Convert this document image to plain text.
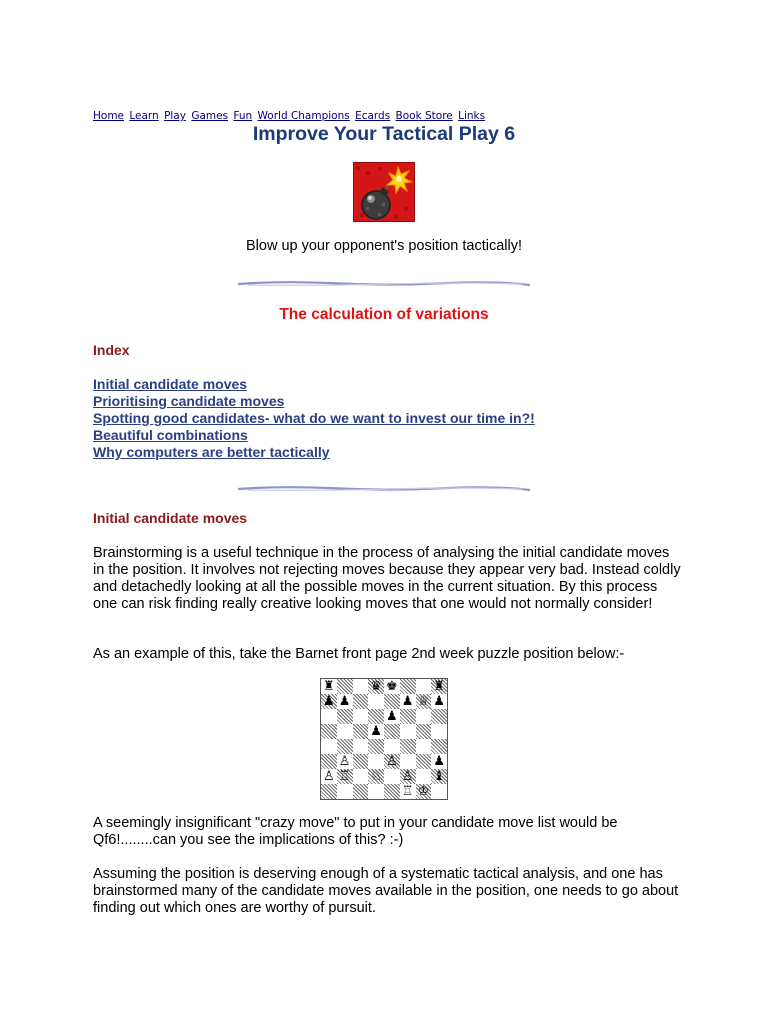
Home Learn Play Games Fun World Champions Ecards Book Store Links
Improve Your Tactical Play 6
Blow up your opponent's position tactically!
The calculation of variations
Index
Initial candidate moves
Prioritising candidate moves
Spotting good candidates- what do we want to invest our time in?!
Beautiful combinations
Why computers are better tactically
Initial candidate moves

Brainstorming is a useful technique in the process of analysing the initial candidate moves in the position. It involves not rejecting moves because they appear very bad. Instead coldly and detachedly looking at all the possible moves in the current situation. By this process one can risk finding really creative looking moves that one would not normally consider!

As an example of this, take the Barnet front page 2nd week puzzle position below:-

♜	♛ ♚	♜
♟ ♟	♟ ♕ ♟
♟
♟
♙	♙	♟
♙ ♖ ♘ ♙ ♝
♖ ♔

A seemingly insignificant "crazy move" to put in your candidate move list would be Qf6!........can you see the implications of this? :-)

Assuming the position is deserving enough of a systematic tactical analysis, and one has brainstormed many of the candidate moves available in the position, one needs to go about finding out which ones are worthy of pursuit.
